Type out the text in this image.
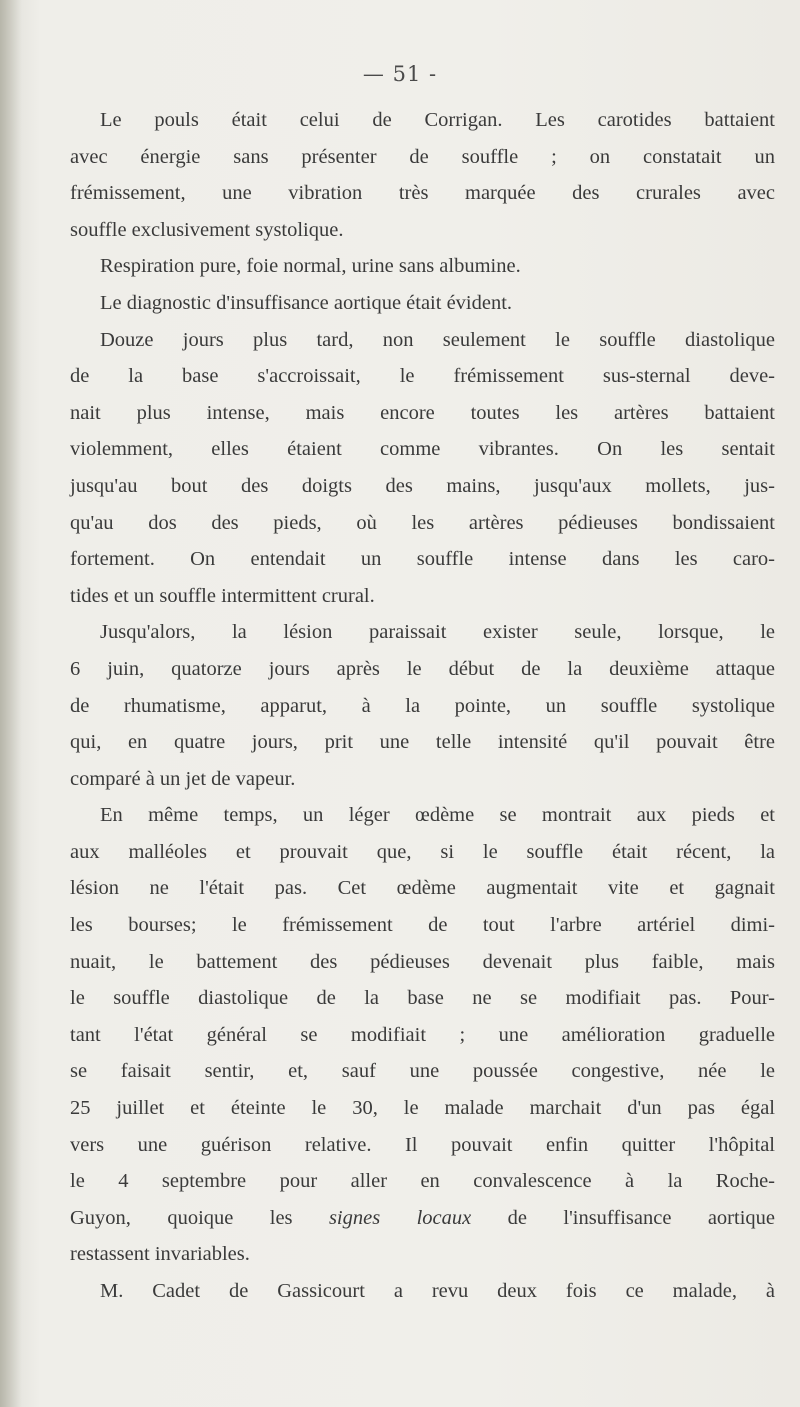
— 51 -
Le pouls était celui de Corrigan. Les carotides battaient
avec énergie sans présenter de souffle ; on constatait un
frémissement, une vibration très marquée des crurales avec
souffle exclusivement systolique.
Respiration pure, foie normal, urine sans albumine.
Le diagnostic d'insuffisance aortique était évident.
Douze jours plus tard, non seulement le souffle diastolique
de la base s'accroissait, le frémissement sus-sternal deve-
nait plus intense, mais encore toutes les artères battaient
violemment, elles étaient comme vibrantes. On les sentait
jusqu'au bout des doigts des mains, jusqu'aux mollets, jus-
qu'au dos des pieds, où les artères pédieuses bondissaient
fortement. On entendait un souffle intense dans les caro-
tides et un souffle intermittent crural.
Jusqu'alors, la lésion paraissait exister seule, lorsque, le
6 juin, quatorze jours après le début de la deuxième attaque
de rhumatisme, apparut, à la pointe, un souffle systolique
qui, en quatre jours, prit une telle intensité qu'il pouvait être
comparé à un jet de vapeur.
En même temps, un léger œdème se montrait aux pieds et
aux malléoles et prouvait que, si le souffle était récent, la
lésion ne l'était pas. Cet œdème augmentait vite et gagnait
les bourses; le frémissement de tout l'arbre artériel dimi-
nuait, le battement des pédieuses devenait plus faible, mais
le souffle diastolique de la base ne se modifiait pas. Pour-
tant l'état général se modifiait ; une amélioration graduelle
se faisait sentir, et, sauf une poussée congestive, née le
25 juillet et éteinte le 30, le malade marchait d'un pas égal
vers une guérison relative. Il pouvait enfin quitter l'hôpital
le 4 septembre pour aller en convalescence à la Roche-
Guyon, quoique les signes locaux de l'insuffisance aortique
restassent invariables.
M. Cadet de Gassicourt a revu deux fois ce malade, à
